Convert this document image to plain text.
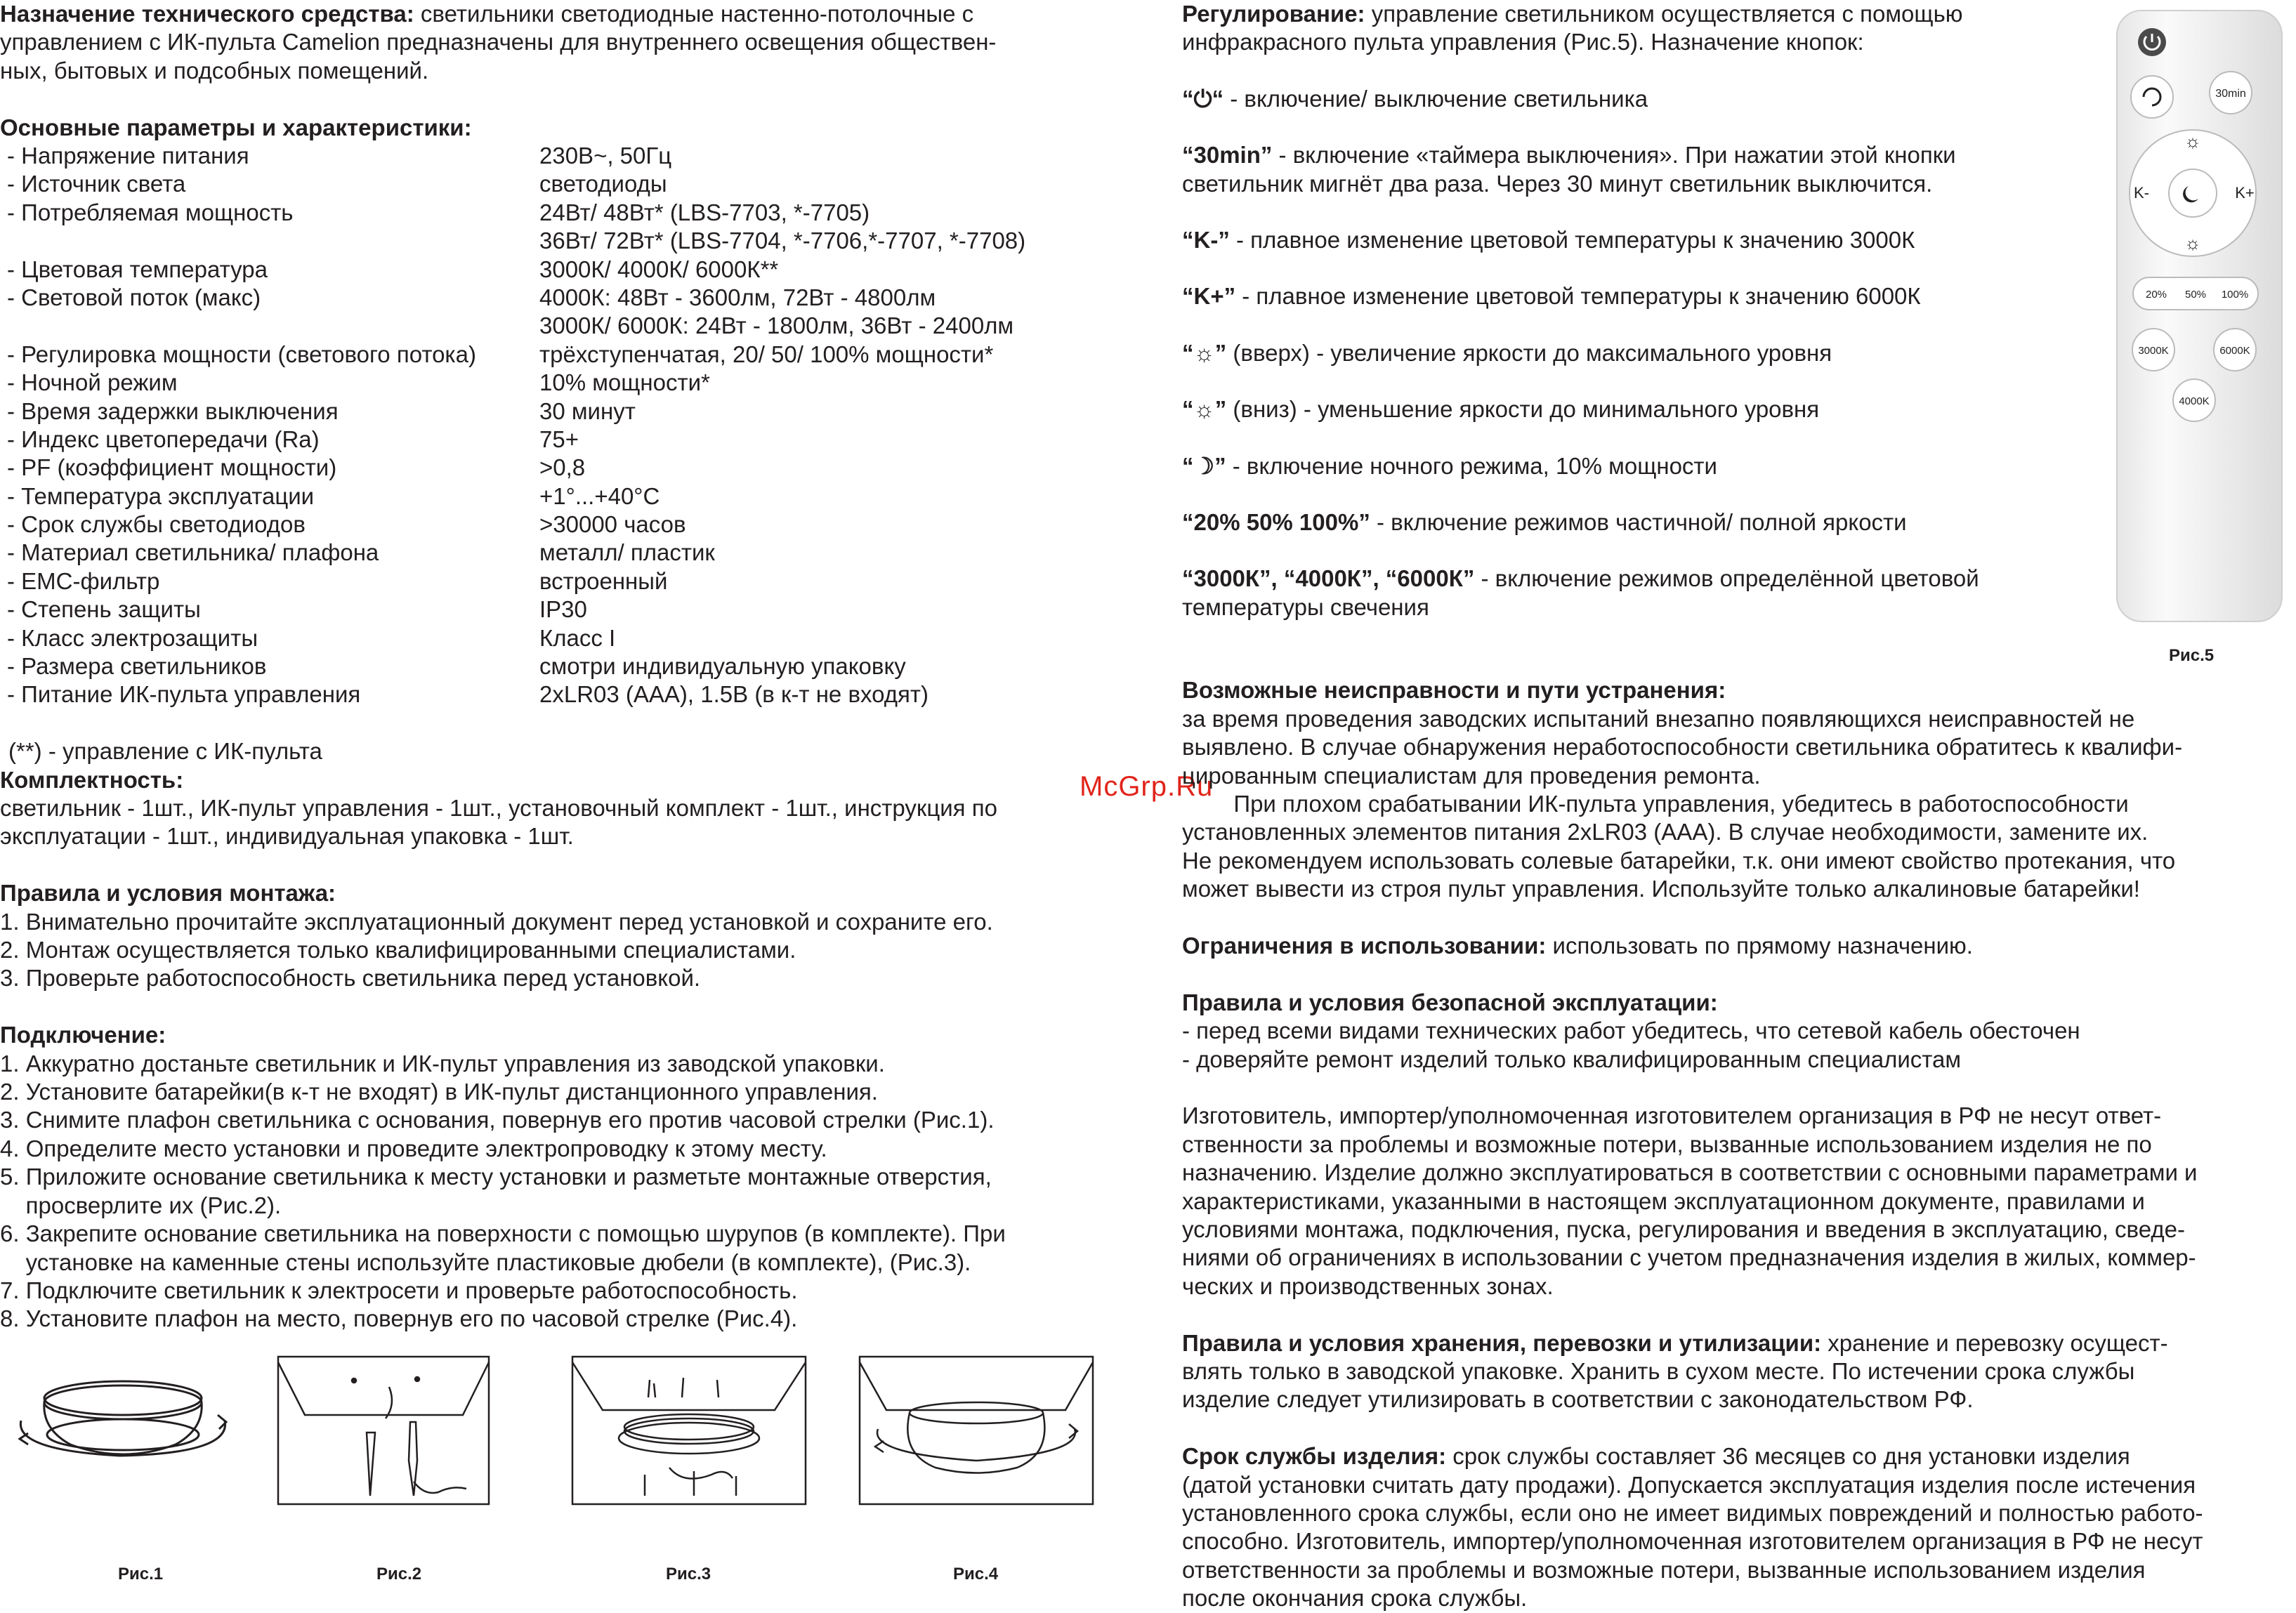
Назначение технического средства: светильники светодиодные настенно-потолочные с
управлением с ИК-пульта Camelion предназначены для внутреннего освещения обществен-
ных, бытовых и подсобных помещений.
Основные параметры и характеристики:
- Напряжение питания	230В~, 50Гц
- Источник света	светодиоды
- Потребляемая мощность	24Вт/ 48Вт* (LBS-7703, *-7705)
36Вт/ 72Вт* (LBS-7704, *-7706,*-7707, *-7708)
- Цветовая температура	3000К/ 4000К/ 6000К**
- Световой поток (макс)	4000К: 48Вт - 3600лм, 72Вт - 4800лм
3000К/ 6000К: 24Вт - 1800лм, 36Вт - 2400лм
- Регулировка мощности (светового потока)	трёхступенчатая, 20/ 50/ 100% мощности*
- Ночной режим	10% мощности*
- Время задержки выключения	30 минут
- Индекс цветопередачи (Ra)	75+
- PF (коэффициент мощности)	>0,8
- Температура эксплуатации	+1°...+40°C
- Срок службы светодиодов	>30000 часов
- Материал светильника/ плафона	металл/ пластик
- ЕМС-фильтр	встроенный
- Степень защиты	IP30
- Класс электрозащиты	Класс I
- Размера светильников	смотри индивидуальную упаковку
- Питание ИК-пульта управления	2xLR03 (AAA), 1.5В (в к-т не входят)
(**) - управление с ИК-пульта
Комплектность:
светильник - 1шт., ИК-пульт управления - 1шт., установочный комплект - 1шт., инструкция по
эксплуатации - 1шт., индивидуальная упаковка - 1шт.
Правила и условия монтажа:
1. Внимательно прочитайте эксплуатационный документ перед установкой и сохраните его.
2. Монтаж осуществляется только квалифицированными специалистами.
3. Проверьте работоспособность светильника перед установкой.
Подключение:
1. Аккуратно достаньте светильник и ИК-пульт управления из заводской упаковки.
2. Установите батарейки(в к-т не входят) в ИК-пульт дистанционного управления.
3. Снимите плафон светильника с основания, повернув его против часовой стрелки (Рис.1).
4. Определите место установки и проведите электропроводку к этому месту.
5. Приложите основание светильника к месту установки и разметьте монтажные отверстия,
просверлите их (Рис.2).
6. Закрепите основание светильника на поверхности с помощью шурупов (в комплекте). При
установке на каменные стены используйте пластиковые дюбели (в комплекте), (Рис.3).
7. Подключите светильник к электросети и проверьте работоспособность.
8. Установите плафон на место, повернув его по часовой стрелке (Рис.4).
Рис.1	Рис.2	Рис.3	Рис.4
McGrp.Ru
Регулирование: управление светильником осуществляется с помощью
инфракрасного пульта управления (Рис.5). Назначение кнопок:
“⏻“ - включение/ выключение светильника
“30min” - включение «таймера выключения». При нажатии этой кнопки
светильник мигнёт два раза. Через 30 минут светильник выключится.
“K-” - плавное изменение цветовой температуры к значению 3000К
“K+” - плавное изменение цветовой температуры к значению 6000К
“☼” (вверх) - увеличение яркости до максимального уровня
“☼” (вниз) - уменьшение яркости до минимального уровня
“☽” - включение ночного режима, 10% мощности
“20% 50% 100%” - включение режимов частичной/ полной яркости
“3000К”, “4000К”, “6000К” - включение режимов определённой цветовой
температуры свечения
Возможные неисправности и пути устранения:
за время проведения заводских испытаний внезапно появляющихся неисправностей не
выявлено. В случае обнаружения неработоспособности светильника обратитесь к квалифи-
цированным специалистам для проведения ремонта.
При плохом срабатывании ИК-пульта управления, убедитесь в работоспособности
установленных элементов питания 2xLR03 (AAA). В случае необходимости, замените их.
Не рекомендуем использовать солевые батарейки, т.к. они имеют свойство протекания, что
может вывести из строя пульт управления. Используйте только алкалиновые батарейки!
Ограничения в использовании: использовать по прямому назначению.
Правила и условия безопасной эксплуатации:
- перед всеми видами технических работ убедитесь, что сетевой кабель обесточен
- доверяйте ремонт изделий только квалифицированным специалистам
Изготовитель, импортер/уполномоченная изготовителем организация в РФ не несут ответ-
ственности за проблемы и возможные потери, вызванные использованием изделия не по
назначению. Изделие должно эксплуатироваться в соответствии с основными параметрами и
характеристиками, указанными в настоящем эксплуатационном документе, правилами и
условиями монтажа, подключения, пуска, регулирования и введения в эксплуатацию, сведе-
ниями об ограничениях в использовании с учетом предназначения изделия в жилых, коммер-
ческих и производственных зонах.
Правила и условия хранения, перевозки и утилизации: хранение и перевозку осущест-
влять только в заводской упаковке. Хранить в сухом месте. По истечении срока службы
изделие следует утилизировать в соответствии с законодательством РФ.
Срок службы изделия: срок службы составляет 36 месяцев со дня установки изделия
(датой установки считать дату продажи). Допускается эксплуатация изделия после истечения
установленного срока службы, если оно не имеет видимых повреждений и полностью работо-
способно. Изготовитель, импортер/уполномоченная изготовителем организация в РФ не несут
ответственности за проблемы и возможные потери, вызванные использованием изделия
после окончания срока службы.
30min
☼
☼
K-	K+
20% 50% 100%
3000K	6000K
4000K
Рис.5
